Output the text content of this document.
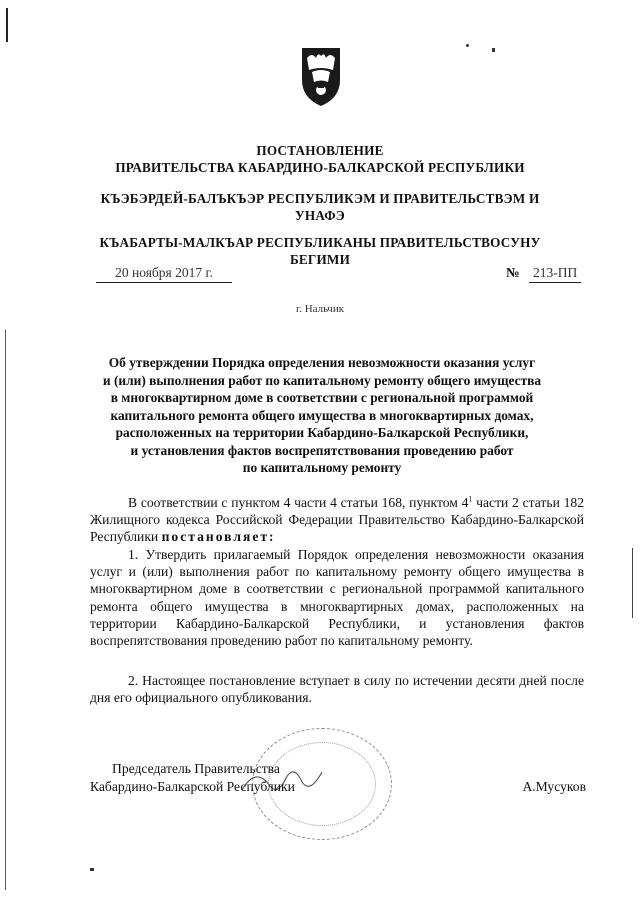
ПОСТАНОВЛЕНИЕ
ПРАВИТЕЛЬСТВА КАБАРДИНО-БАЛКАРСКОЙ РЕСПУБЛИКИ
КЪЭБЭРДЕЙ-БАЛЪКЪЭР РЕСПУБЛИКЭМ И ПРАВИТЕЛЬСТВЭМ И
УНАФЭ
КЪАБАРТЫ-МАЛКЪАР РЕСПУБЛИКАНЫ ПРАВИТЕЛЬСТВОСУНУ
БЕГИМИ
20 ноября 2017 г.	№ 213-ПП
г. Нальчик
Об утверждении Порядка определения невозможности оказания услуг
и (или) выполнения работ по капитальному ремонту общего имущества
в многоквартирном доме в соответствии с региональной программой
капитального ремонта общего имущества в многоквартирных домах,
расположенных на территории Кабардино-Балкарской Республики,
и установления фактов воспрепятствования проведению работ
по капитальному ремонту
В соответствии с пунктом 4 части 4 статьи 168, пунктом $4^1$ части 2 статьи 182 Жилищного кодекса Российской Федерации Правительство Кабардино-Балкарской Республики постановляет:
1. Утвердить прилагаемый Порядок определения невозможности оказания услуг и (или) выполнения работ по капитальному ремонту общего имущества в многоквартирном доме в соответствии с региональной программой капитального ремонта общего имущества в многоквартирных домах, расположенных на территории Кабардино-Балкарской Республики, и установления фактов воспрепятствования проведению работ по капитальному ремонту.
2. Настоящее постановление вступает в силу по истечении десяти дней после дня его официального опубликования.
Председатель Правительства
Кабардино-Балкарской Республики	А.Мусуков
